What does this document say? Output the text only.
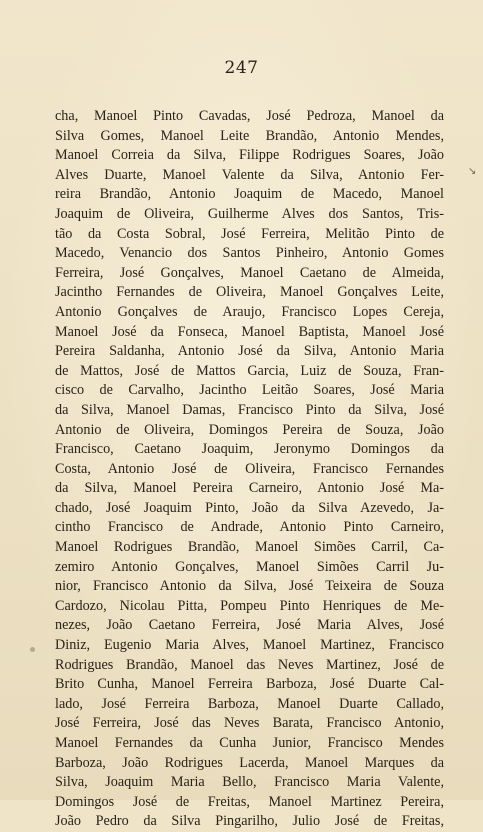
247
cha, Manoel Pinto Cavadas, José Pedroza, Manoel da
Silva Gomes, Manoel Leite Brandão, Antonio Mendes,
Manoel Correia da Silva, Filippe Rodrigues Soares, João
Alves Duarte, Manoel Valente da Silva, Antonio Fer-
reira Brandão, Antonio Joaquim de Macedo, Manoel
Joaquim de Oliveira, Guilherme Alves dos Santos, Tris-
tão da Costa Sobral, José Ferreira, Melitão Pinto de
Macedo, Venancio dos Santos Pinheiro, Antonio Gomes
Ferreira, José Gonçalves, Manoel Caetano de Almeida,
Jacintho Fernandes de Oliveira, Manoel Gonçalves Leite,
Antonio Gonçalves de Araujo, Francisco Lopes Cereja,
Manoel José da Fonseca, Manoel Baptista, Manoel José
Pereira Saldanha, Antonio José da Silva, Antonio Maria
de Mattos, José de Mattos Garcia, Luiz de Souza, Fran-
cisco de Carvalho, Jacintho Leitão Soares, José Maria
da Silva, Manoel Damas, Francisco Pinto da Silva, José
Antonio de Oliveira, Domingos Pereira de Souza, João
Francisco, Caetano Joaquim, Jeronymo Domingos da
Costa, Antonio José de Oliveira, Francisco Fernandes
da Silva, Manoel Pereira Carneiro, Antonio José Ma-
chado, José Joaquim Pinto, João da Silva Azevedo, Ja-
cintho Francisco de Andrade, Antonio Pinto Carneiro,
Manoel Rodrigues Brandão, Manoel Simões Carril, Ca-
zemiro Antonio Gonçalves, Manoel Simões Carril Ju-
nior, Francisco Antonio da Silva, José Teixeira de Souza
Cardozo, Nicolau Pitta, Pompeu Pinto Henriques de Me-
nezes, João Caetano Ferreira, José Maria Alves, José
Diniz, Eugenio Maria Alves, Manoel Martinez, Francisco
Rodrigues Brandão, Manoel das Neves Martinez, José de
Brito Cunha, Manoel Ferreira Barboza, José Duarte Cal-
lado, José Ferreira Barboza, Manoel Duarte Callado,
José Ferreira, José das Neves Barata, Francisco Antonio,
Manoel Fernandes da Cunha Junior, Francisco Mendes
Barboza, João Rodrigues Lacerda, Manoel Marques da
Silva, Joaquim Maria Bello, Francisco Maria Valente,
Domingos José de Freitas, Manoel Martinez Pereira,
João Pedro da Silva Pingarilho, Julio José de Freitas,
↘
